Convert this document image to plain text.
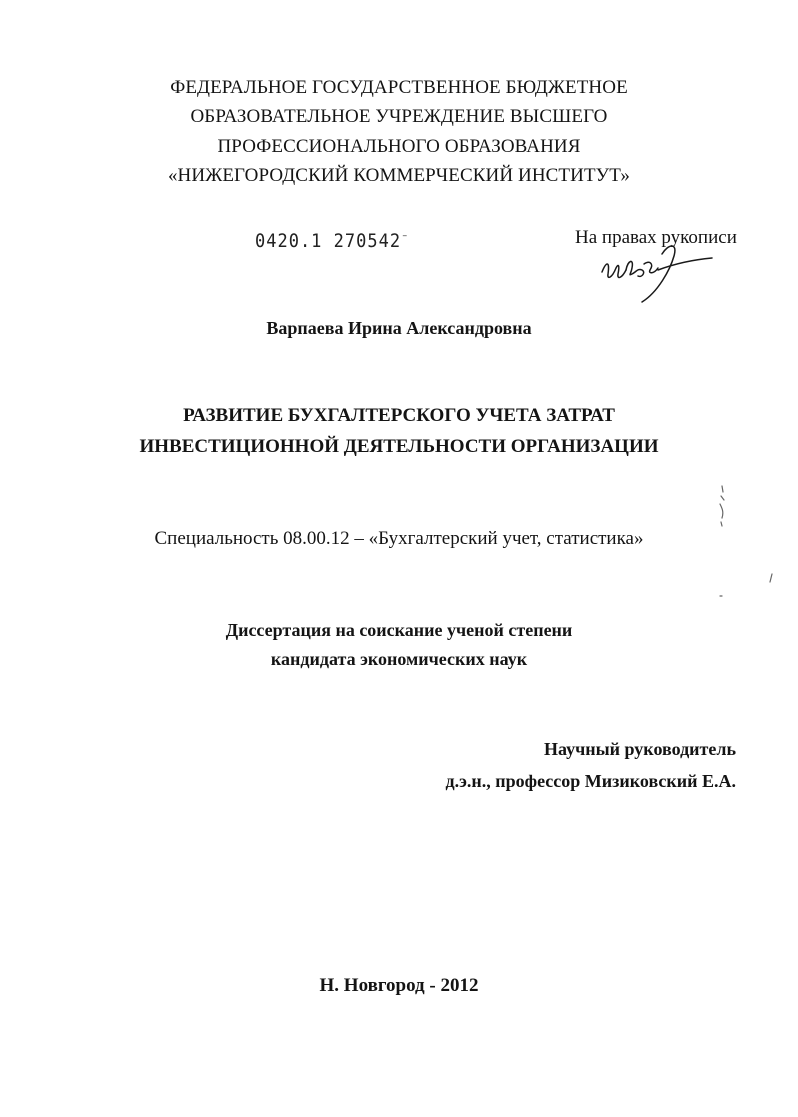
ФЕДЕРАЛЬНОЕ ГОСУДАРСТВЕННОЕ БЮДЖЕТНОЕ

ОБРАЗОВАТЕЛЬНОЕ УЧРЕЖДЕНИЕ ВЫСШЕГО

ПРОФЕССИОНАЛЬНОГО ОБРАЗОВАНИЯ

«НИЖЕГОРОДСКИЙ КОММЕРЧЕСКИЙ ИНСТИТУТ»

0420.1 270542⁻	На правах рукописи

Варпаева Ирина Александровна

РАЗВИТИЕ БУХГАЛТЕРСКОГО УЧЕТА ЗАТРАТ

ИНВЕСТИЦИОННОЙ ДЕЯТЕЛЬНОСТИ ОРГАНИЗАЦИИ

Специальность 08.00.12 – «Бухгалтерский учет, статистика»

Диссертация на соискание ученой степени

кандидата экономических наук

Научный руководитель

д.э.н., профессор Мизиковский Е.А.

Н. Новгород - 2012
